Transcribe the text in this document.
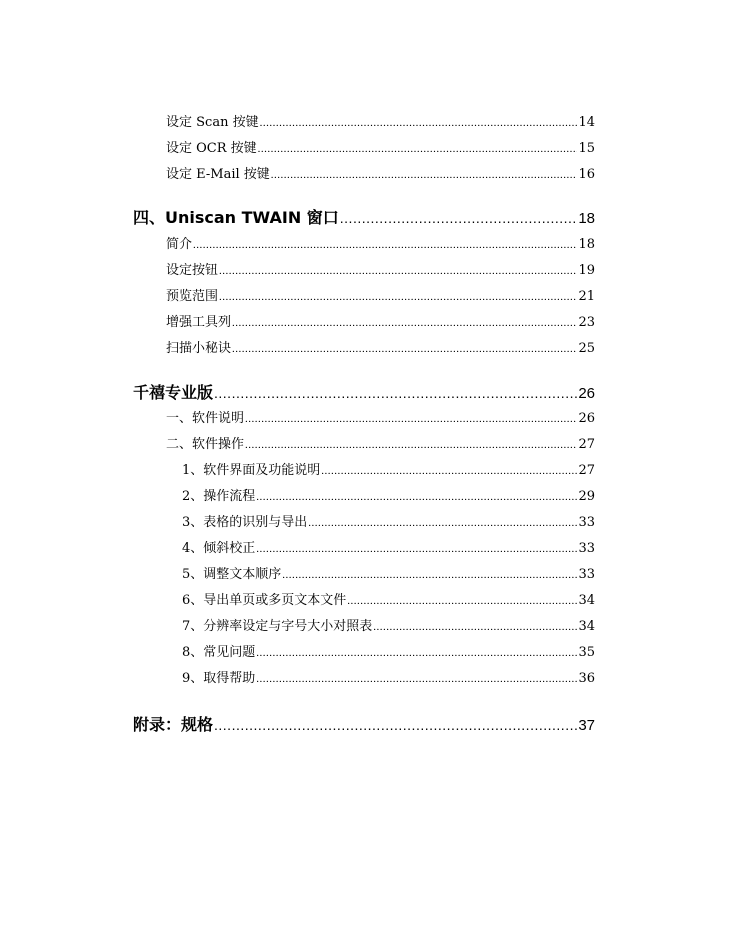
设定 Scan 按键 .....	14
设定 OCR 按键 .....	15
设定 E-Mail 按键 .....	16
四、Uniscan TWAIN 窗口 .....	18
简介 .....	18
设定按钮 .....	19
预览范围 .....	21
增强工具列 .....	23
扫描小秘诀 .....	25
千禧专业版 .....	26
一、软件说明 .....	26
二、软件操作 .....	27
1、软件界面及功能说明 .....	27
2、操作流程 .....	29
3、表格的识别与导出 .....	33
4、倾斜校正 .....	33
5、调整文本顺序 .....	33
6、导出单页或多页文本文件 .....	34
7、分辨率设定与字号大小对照表 .....	34
8、常见问题 .....	35
9、取得帮助 .....	36
附录：规格 .....	37
